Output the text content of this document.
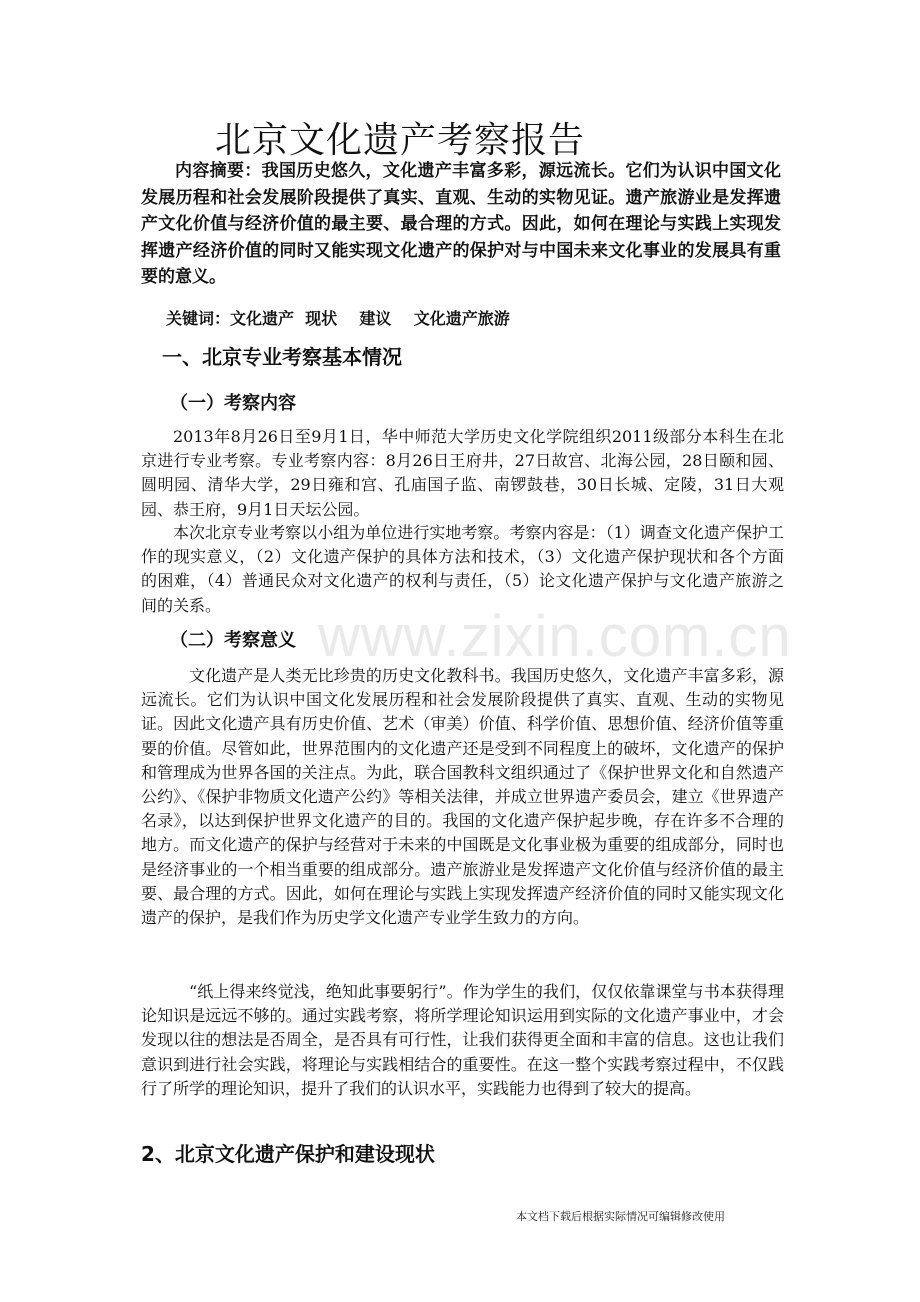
www.zixin.com.cn
北京文化遗产考察报告

内容摘要：我国历史悠久，文化遗产丰富多彩，源远流长。它们为认识中国文化发展历程和社会发展阶段提供了真实、直观、生动的实物见证。遗产旅游业是发挥遗产文化价值与经济价值的最主要、最合理的方式。因此，如何在理论与实践上实现发挥遗产经济价值的同时又能实现文化遗产的保护对与中国未来文化事业的发展具有重要的意义。

关键词：文化遗产  现状    建议    文化遗产旅游

一、北京专业考察基本情况
（一）考察内容

2013年8月26日至9月1日，华中师范大学历史文化学院组织2011级部分本科生在北京进行专业考察。专业考察内容：8月26日王府井，27日故宫、北海公园，28日颐和园、圆明园、清华大学，29日雍和宫、孔庙国子监、南锣鼓巷，30日长城、定陵，31日大观园、恭王府，9月1日天坛公园。

本次北京专业考察以小组为单位进行实地考察。考察内容是：（1）调查文化遗产保护工作的现实意义，（2）文化遗产保护的具体方法和技术，（3）文化遗产保护现状和各个方面的困难，（4）普通民众对文化遗产的权利与责任，（5）论文化遗产保护与文化遗产旅游之间的关系。

（二）考察意义

文化遗产是人类无比珍贵的历史文化教科书。我国历史悠久，文化遗产丰富多彩，源远流长。它们为认识中国文化发展历程和社会发展阶段提供了真实、直观、生动的实物见证。因此文化遗产具有历史价值、艺术（审美）价值、科学价值、思想价值、经济价值等重要的价值。尽管如此，世界范围内的文化遗产还是受到不同程度上的破坏，文化遗产的保护和管理成为世界各国的关注点。为此，联合国教科文组织通过了《保护世界文化和自然遗产公约》、《保护非物质文化遗产公约》等相关法律，并成立世界遗产委员会，建立《世界遗产名录》，以达到保护世界文化遗产的目的。我国的文化遗产保护起步晚，存在许多不合理的地方。而文化遗产的保护与经营对于未来的中国既是文化事业极为重要的组成部分，同时也是经济事业的一个相当重要的组成部分。遗产旅游业是发挥遗产文化价值与经济价值的最主要、最合理的方式。因此，如何在理论与实践上实现发挥遗产经济价值的同时又能实现文化遗产的保护，是我们作为历史学文化遗产专业学生致力的方向。

“纸上得来终觉浅，绝知此事要躬行”。作为学生的我们，仅仅依靠课堂与书本获得理论知识是远远不够的。通过实践考察，将所学理论知识运用到实际的文化遗产事业中，才会发现以往的想法是否周全，是否具有可行性，让我们获得更全面和丰富的信息。这也让我们意识到进行社会实践，将理论与实践相结合的重要性。在这一整个实践考察过程中，不仅践行了所学的理论知识，提升了我们的认识水平，实践能力也得到了较大的提高。

2、北京文化遗产保护和建设现状

本文档下载后根据实际情况可编辑修改使用
